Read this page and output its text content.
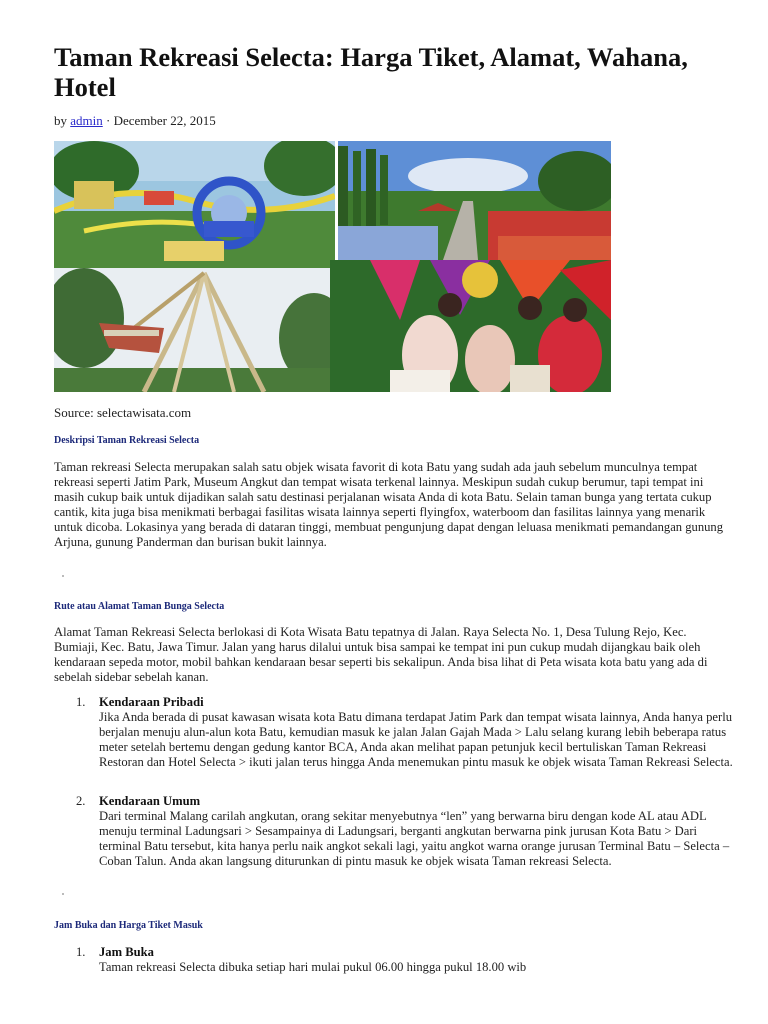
Taman Rekreasi Selecta: Harga Tiket, Alamat, Wahana, Hotel
by admin · December 22, 2015
Source: selectawisata.com
Deskripsi Taman Rekreasi Selecta

Taman rekreasi Selecta merupakan salah satu objek wisata favorit di kota Batu yang sudah ada jauh sebelum munculnya tempat rekreasi seperti Jatim Park, Museum Angkut dan tempat wisata terkenal lainnya. Meskipun sudah cukup berumur, tapi tempat ini masih cukup baik untuk dijadikan salah satu destinasi perjalanan wisata Anda di kota Batu. Selain taman bunga yang tertata cukup cantik, kita juga bisa menikmati berbagai fasilitas wisata lainnya seperti flyingfox, waterboom dan fasilitas lainnya yang menarik untuk dicoba. Lokasinya yang berada di dataran tinggi, membuat pengunjung dapat dengan leluasa menikmati pemandangan gunung Arjuna, gunung Panderman dan burisan bukit lainnya.

Rute atau Alamat Taman Bunga Selecta

Alamat Taman Rekreasi Selecta berlokasi di Kota Wisata Batu tepatnya di Jalan. Raya Selecta No. 1, Desa Tulung Rejo, Kec. Bumiaji, Kec. Batu, Jawa Timur. Jalan yang harus dilalui untuk bisa sampai ke tempat ini pun cukup mudah dijangkau baik oleh kendaraan sepeda motor, mobil bahkan kendaraan besar seperti bis sekalipun. Anda bisa lihat di Peta wisata kota batu yang ada di sebelah sidebar sebelah kanan.

1. Kendaraan Pribadi

Jika Anda berada di pusat kawasan wisata kota Batu dimana terdapat Jatim Park dan tempat wisata lainnya, Anda hanya perlu berjalan menuju alun-alun kota Batu, kemudian masuk ke jalan Jalan Gajah Mada > Lalu selang kurang lebih beberapa ratus meter setelah bertemu dengan gedung kantor BCA, Anda akan melihat papan petunjuk kecil bertuliskan Taman Rekreasi Restoran dan Hotel Selecta > ikuti jalan terus hingga Anda menemukan pintu masuk ke objek wisata Taman Rekreasi Selecta.

2. Kendaraan Umum

Dari terminal Malang carilah angkutan, orang sekitar menyebutnya “len” yang berwarna biru dengan kode AL atau ADL menuju terminal Ladungsari > Sesampainya di Ladungsari, berganti angkutan berwarna pink jurusan Kota Batu > Dari terminal Batu tersebut, kita hanya perlu naik angkot sekali lagi, yaitu angkot warna orange jurusan Terminal Batu – Selecta – Coban Talun. Anda akan langsung diturunkan di pintu masuk ke objek wisata Taman rekreasi Selecta.

Jam Buka dan Harga Tiket Masuk
1. Jam Buka

Taman rekreasi Selecta dibuka setiap hari mulai pukul 06.00 hingga pukul 18.00 wib
